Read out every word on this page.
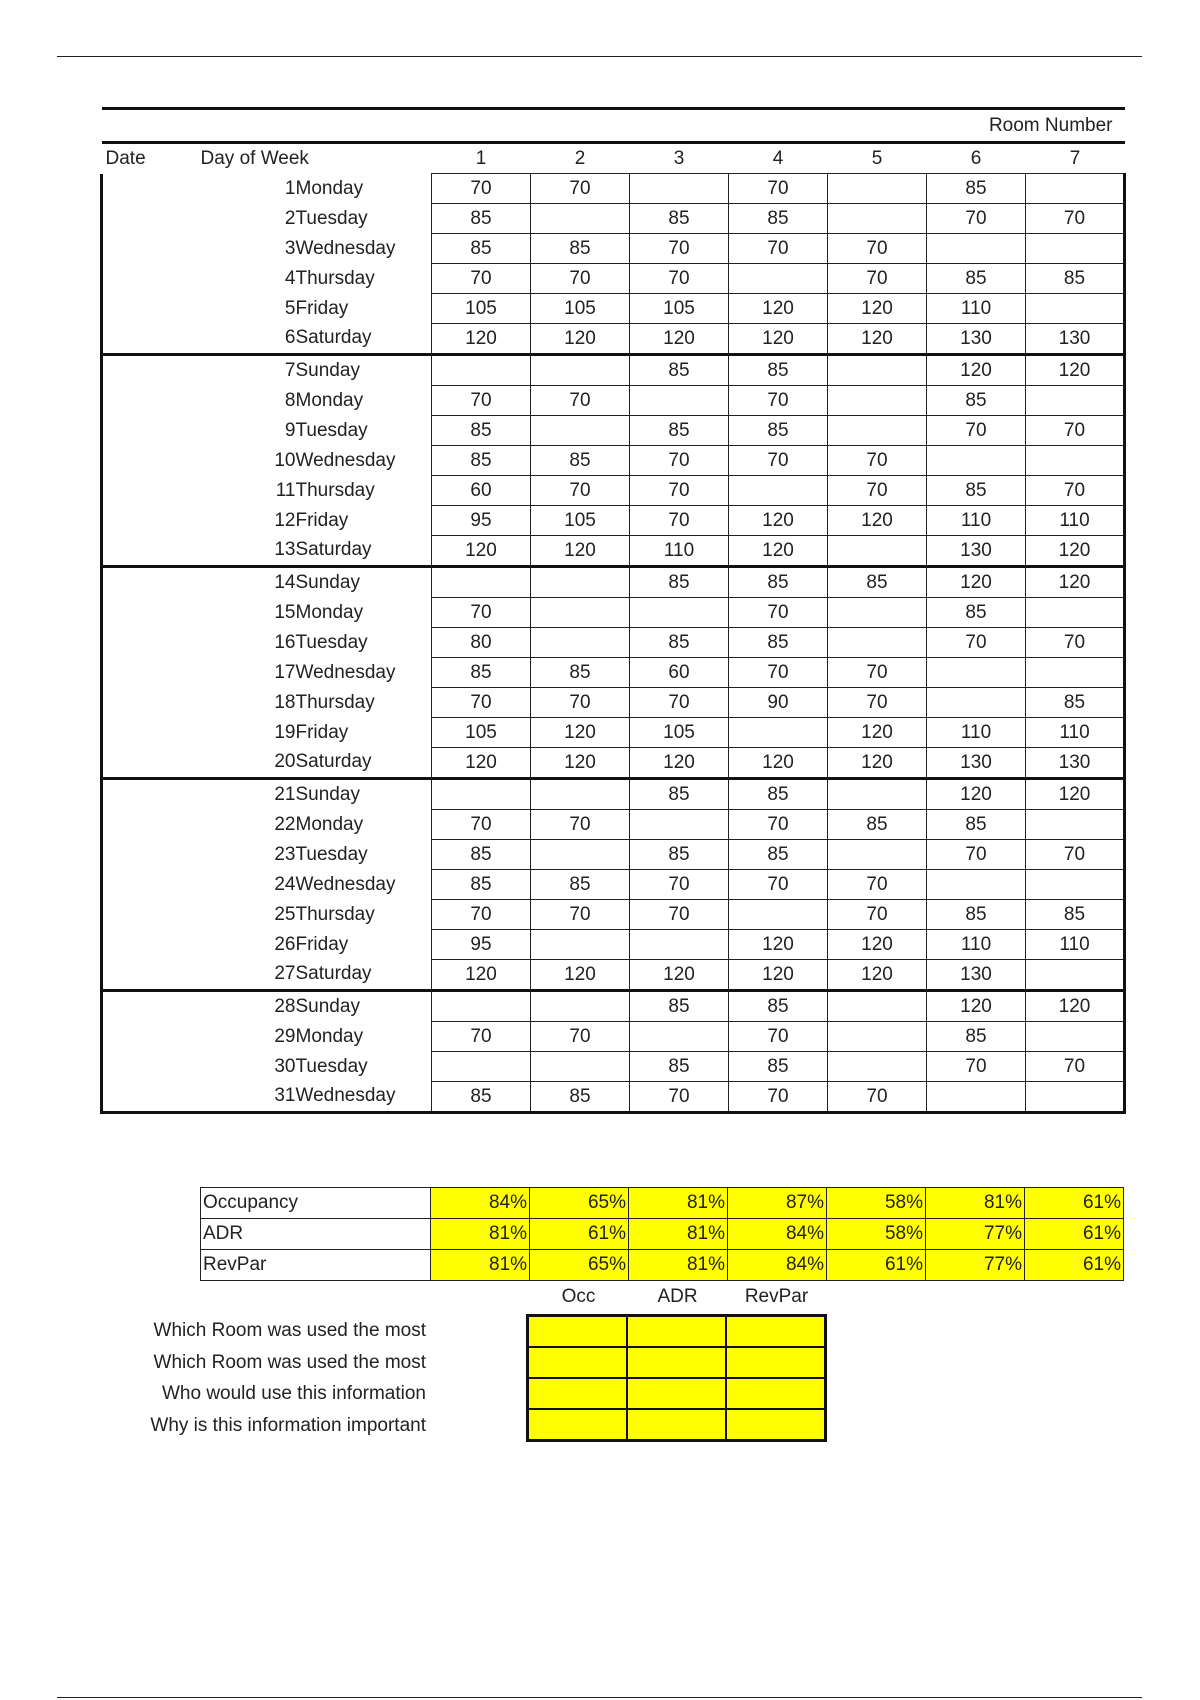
							Room Number	
Date	Day of Week	1	2	3	4	5	6	7
	1Monday	70	70		70		85	
	2Tuesday	85		85	85		70	70
	3Wednesday	85	85	70	70	70		
	4Thursday	70	70	70		70	85	85
	5Friday	105	105	105	120	120	110	
	6Saturday	120	120	120	120	120	130	130
	7Sunday			85	85		120	120
	8Monday	70	70		70		85	
	9Tuesday	85		85	85		70	70
	10Wednesday	85	85	70	70	70		
	11Thursday	60	70	70		70	85	70
	12Friday	95	105	70	120	120	110	110
	13Saturday	120	120	110	120		130	120
	14Sunday			85	85	85	120	120
	15Monday	70			70		85	
	16Tuesday	80		85	85		70	70
	17Wednesday	85	85	60	70	70		
	18Thursday	70	70	70	90	70		85
	19Friday	105	120	105		120	110	110
	20Saturday	120	120	120	120	120	130	130
	21Sunday			85	85		120	120
	22Monday	70	70		70	85	85	
	23Tuesday	85		85	85		70	70
	24Wednesday	85	85	70	70	70		
	25Thursday	70	70	70		70	85	85
	26Friday	95			120	120	110	110
	27Saturday	120	120	120	120	120	130	
	28Sunday			85	85		120	120
	29Monday	70	70		70		85	
	30Tuesday			85	85		70	70
	31Wednesday	85	85	70	70	70		
Occupancy	84%	65%	81%	87%	58%	81%	61%
ADR	81%	61%	81%	84%	58%	77%	61%
RevPar	81%	65%	81%	84%	61%	77%	61%
Occ	ADR	RevPar
Which Room was used the most
Which Room was used the most
Who would use this information
Why is this information important
